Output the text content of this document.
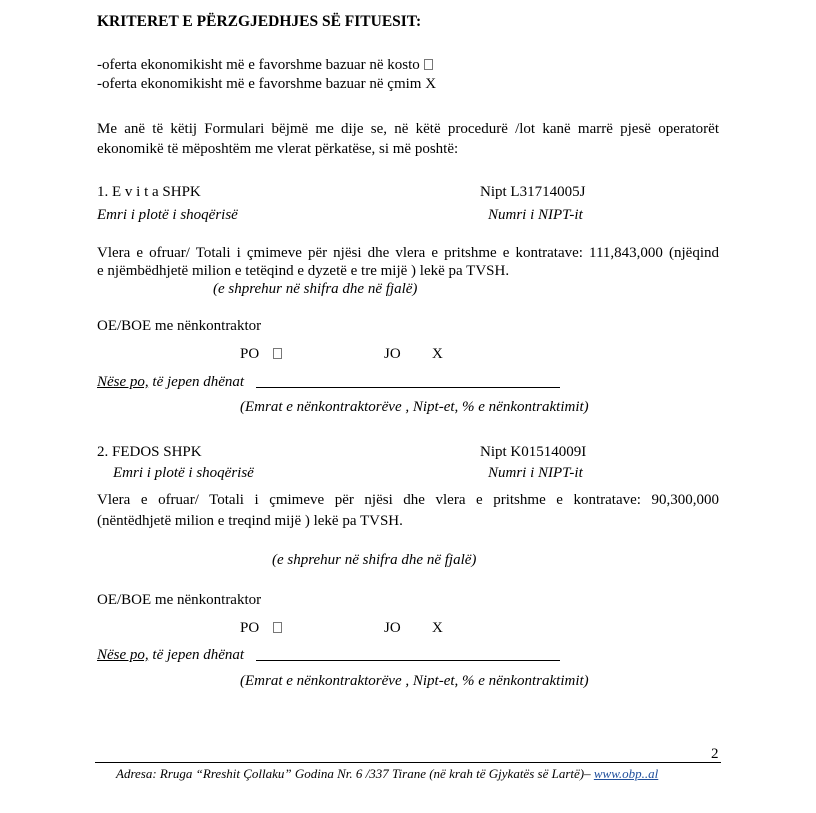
KRITERET E PËRZGJEDHJES SË FITUESIT:
-oferta ekonomikisht më e favorshme bazuar në kosto
-oferta ekonomikisht më e favorshme bazuar në çmim X
Me anë të këtij Formulari bëjmë me dije se, në këtë procedurë /lot kanë marrë pjesë operatorët
ekonomikë të mëposhtëm me vlerat përkatëse, si më poshtë:
1. E v i t a SHPK	Nipt L31714005J
Emri i plotë i shoqërisë	Numri i NIPT-it
Vlera e ofruar/ Totali i çmimeve për njësi dhe vlera e pritshme e kontratave: 111,843,000 (njëqind
e njëmbëdhjetë milion e tetëqind e dyzetë e tre mijë ) lekë pa TVSH.
(e shprehur në shifra dhe në fjalë)
OE/BOE me nënkontraktor
PO	JO X
Nëse po, të jepen dhënat
(Emrat e nënkontraktorëve , Nipt-et, % e nënkontraktimit)
2. FEDOS SHPK	Nipt K01514009I
Emri i plotë i shoqërisë	Numri i NIPT-it
Vlera e ofruar/ Totali i çmimeve për njësi dhe vlera e pritshme e kontratave: 90,300,000
(nëntëdhjetë milion e treqind mijë ) lekë pa TVSH.
(e shprehur në shifra dhe në fjalë)
OE/BOE me nënkontraktor
PO	JO X
Nëse po, të jepen dhënat
(Emrat e nënkontraktorëve , Nipt-et, % e nënkontraktimit)
2
Adresa: Rruga “Rreshit Çollaku” Godina Nr. 6 /337 Tirane (në krah të Gjykatës së Lartë)– www.obp..al
